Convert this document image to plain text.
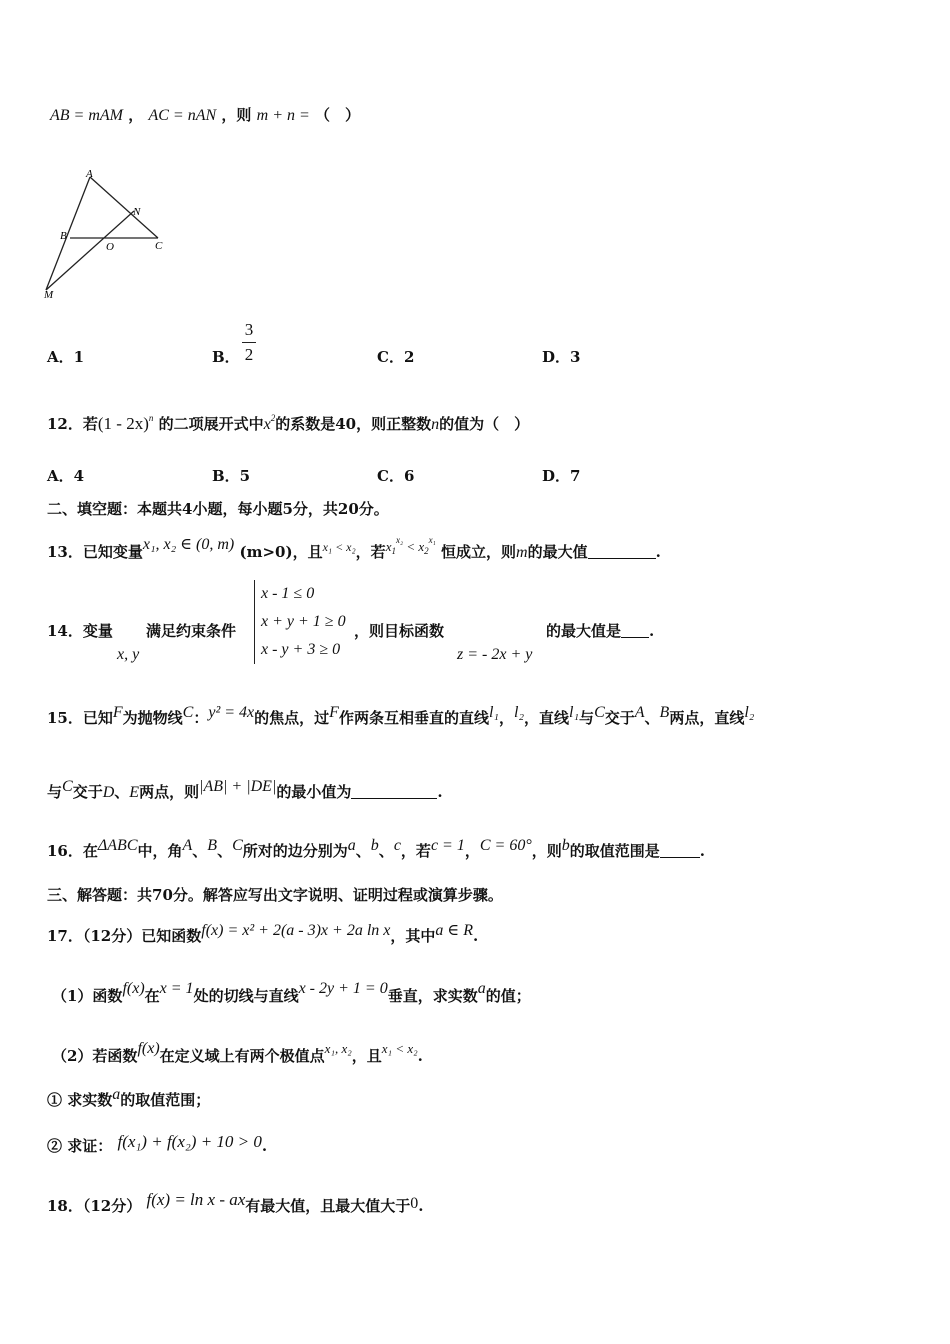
AB = mAM ， AC = nAN ，则 m + n = （　）
A
N
B
O	C
M
A．1	B．
3
2	C．2	D．3
12．若(1 - 2x)$^n$ 的二项展开式中$x^2$的系数是40，则正整数n的值为（　）
A．4	B．5	C．6	D．7
二、填空题：本题共4小题，每小题5分，共20分。
13．已知变量x₁, x₂ ∈ (0, m) (m>0)，且$^{x_1 < x_2}$，若$x_1^{x_2} < x_2^{x_1}$ 恒成立，则m的最大值	.
14．变量
x, y
满足约束条件
x - 1 ≤ 0
x + y + 1 ≥ 0
x - y + 3 ≥ 0
，则目标函数
z = - 2x + y
的最大值是 .
15．已知F为抛物线C：y² = 4x的焦点，过F作两条互相垂直的直线l₁，l₂，直线l₁与C交于A、B两点，直线l₂
与C交于D、E两点，则|AB| + |DE|的最小值为	.
16．在ΔABC中，角A、B、C所对的边分别为a、b、c，若c = 1，C = 60°，则b的取值范围是	.
三、解答题：共70分。解答应写出文字说明、证明过程或演算步骤。
17．（12分）已知函数f(x) = x² + 2(a - 3)x + 2a ln x，其中a ∈ R.
（1）函数f(x)在x = 1处的切线与直线x - 2y + 1 = 0垂直，求实数a的值；
（2）若函数f(x)在定义域上有两个极值点x₁, x₂，且x₁ < x₂.
① 求实数a的取值范围；
② 求证： f(x₁) + f(x₂) + 10 > 0.
18．（12分） f(x) = ln x - ax有最大值，且最大值大于0.
